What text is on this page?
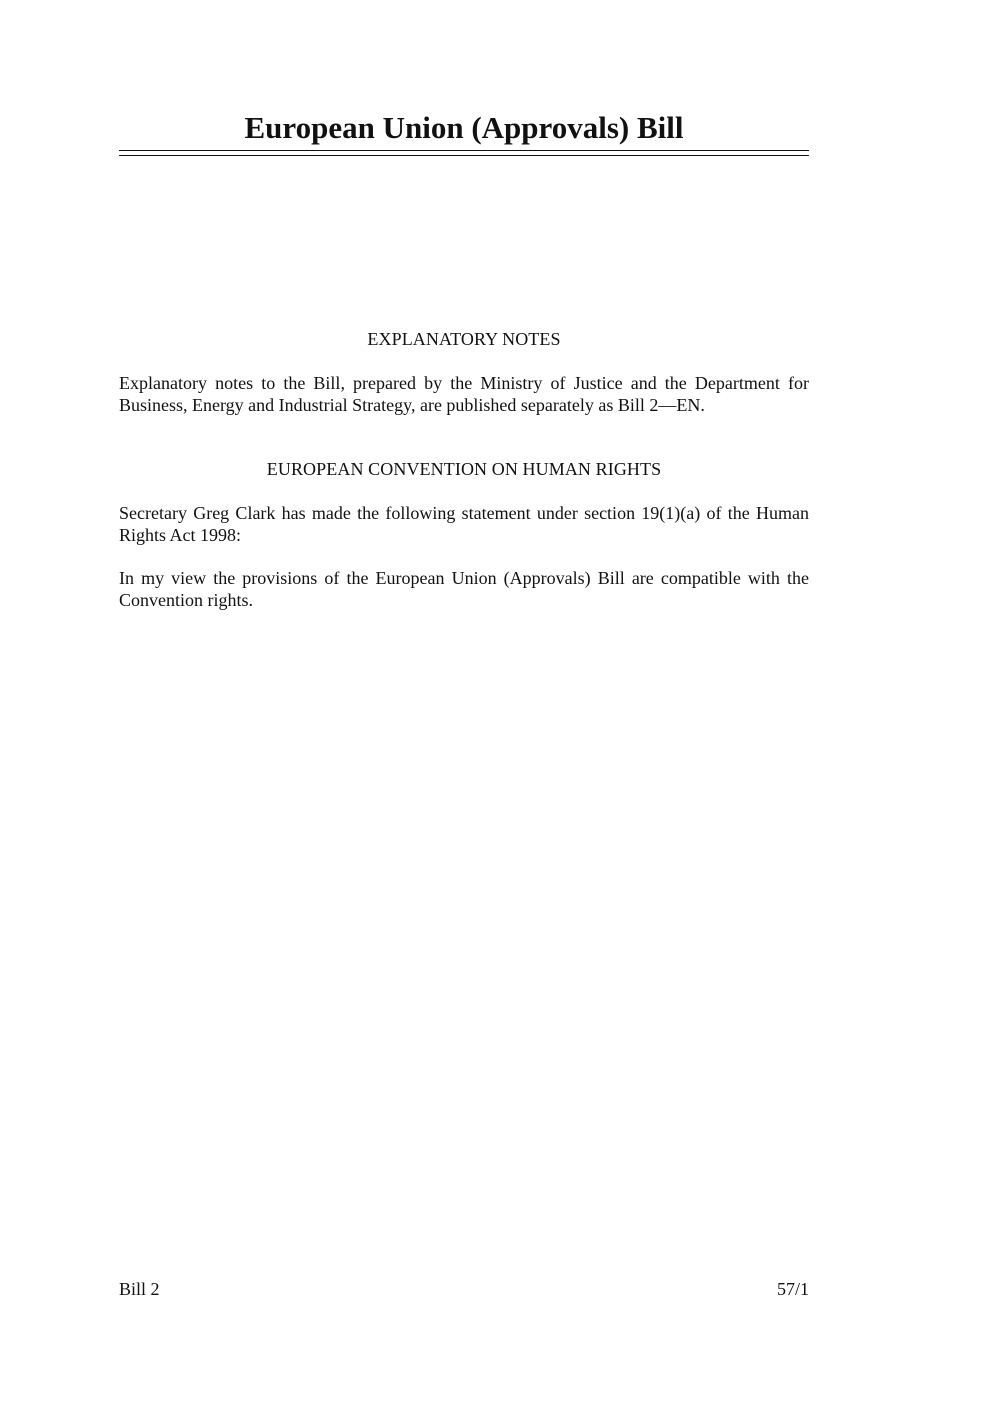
European Union (Approvals) Bill
EXPLANATORY NOTES
Explanatory notes to the Bill, prepared by the Ministry of Justice and the Department for Business, Energy and Industrial Strategy, are published separately as Bill 2—EN.
EUROPEAN CONVENTION ON HUMAN RIGHTS
Secretary Greg Clark has made the following statement under section 19(1)(a) of the Human Rights Act 1998:
In my view the provisions of the European Union (Approvals) Bill are compatible with the Convention rights.
Bill 2	57/1
